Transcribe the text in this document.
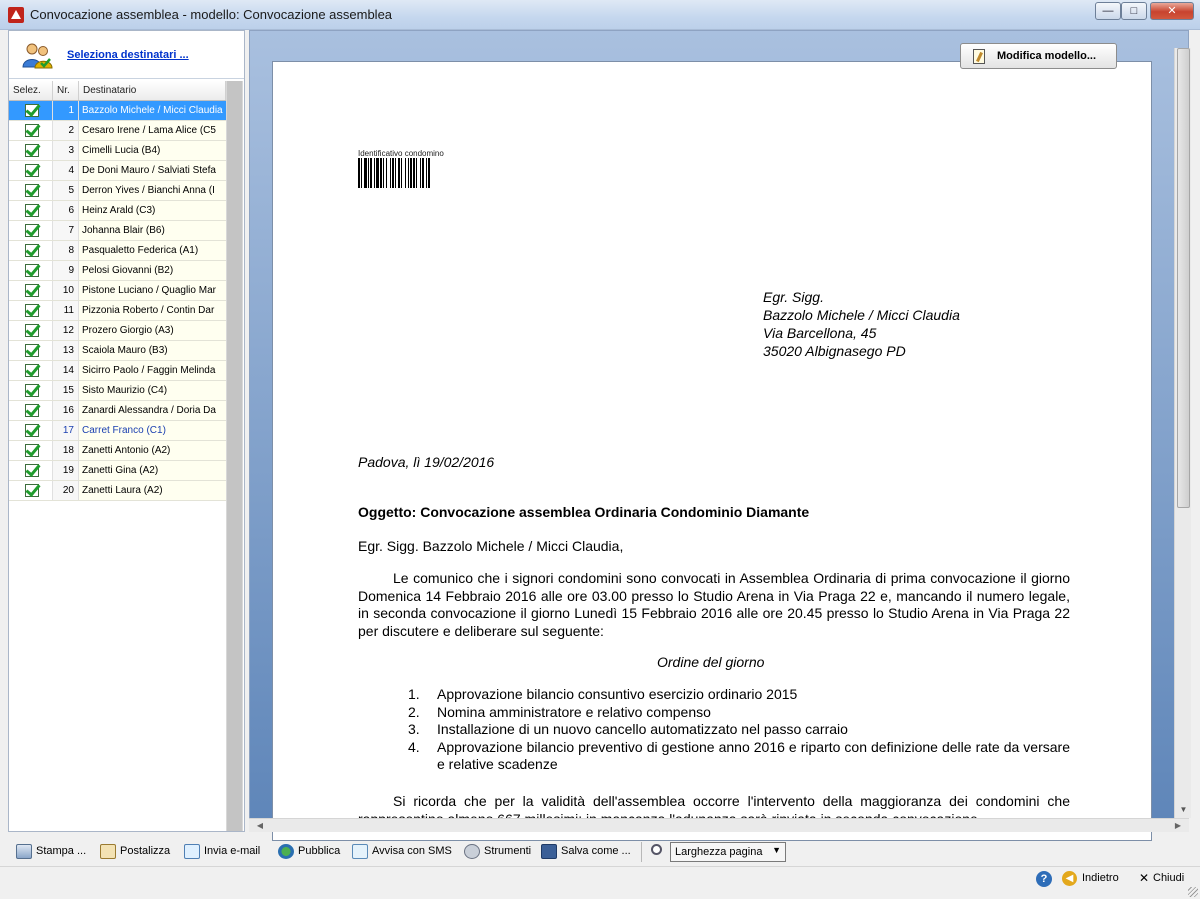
Convocazione assemblea - modello: Convocazione assemblea	—	□	✕
Seleziona destinatari ...
Selez.	Nr.	Destinatario
1 Bazzolo Michele / Micci Claudia
2 Cesaro Irene / Lama Alice (C5
3 Cimelli Lucia (B4)
4 De Doni Mauro / Salviati Stefa
5 Derron Yives / Bianchi Anna (I
6 Heinz Arald (C3)
7 Johanna Blair (B6)
8 Pasqualetto Federica (A1)
9 Pelosi Giovanni (B2)
10 Pistone Luciano / Quaglio Mar
11 Pizzonia Roberto / Contin Dar
12 Prozero Giorgio (A3)
13 Scaiola Mauro (B3)
14 Sicirro Paolo / Faggin Melinda
15 Sisto Maurizio (C4)
16 Zanardi Alessandra / Doria Da
17 Carret Franco (C1)
18 Zanetti Antonio (A2)
19 Zanetti Gina (A2)
20 Zanetti Laura (A2)
Modifica modello...
Identificativo condomino
Egr. Sigg.
Bazzolo Michele / Micci Claudia
Via Barcellona, 45
35020 Albignasego PD
Padova, lì 19/02/2016
Oggetto: Convocazione assemblea Ordinaria Condominio Diamante
Egr. Sigg. Bazzolo Michele / Micci Claudia,
Le comunico che i signori condomini sono convocati in Assemblea Ordinaria di prima convocazione il giorno Domenica 14 Febbraio 2016 alle ore 03.00 presso lo Studio Arena in Via Praga 22 e, mancando il numero legale, in seconda convocazione il giorno Lunedì 15 Febbraio 2016 alle ore 20.45 presso lo Studio Arena in Via Praga 22 per discutere e deliberare sul seguente:
Ordine del giorno
1. Approvazione bilancio consuntivo esercizio ordinario 2015
2. Nomina amministratore e relativo compenso
3. Installazione di un nuovo cancello automatizzato nel passo carraio
4. Approvazione bilancio preventivo di gestione anno 2016 e riparto con definizione delle rate da versare e relative scadenze
Si ricorda che per la validità dell'assemblea occorre l'intervento della maggioranza dei condomini che
▼
◀	▶
Stampa ...	Postalizza	Invia e-mail	Pubblica	Avvisa con SMS	Strumenti	Salva come ...	Larghezza pagina ▼
?	◀ Indietro ✕ Chiudi
